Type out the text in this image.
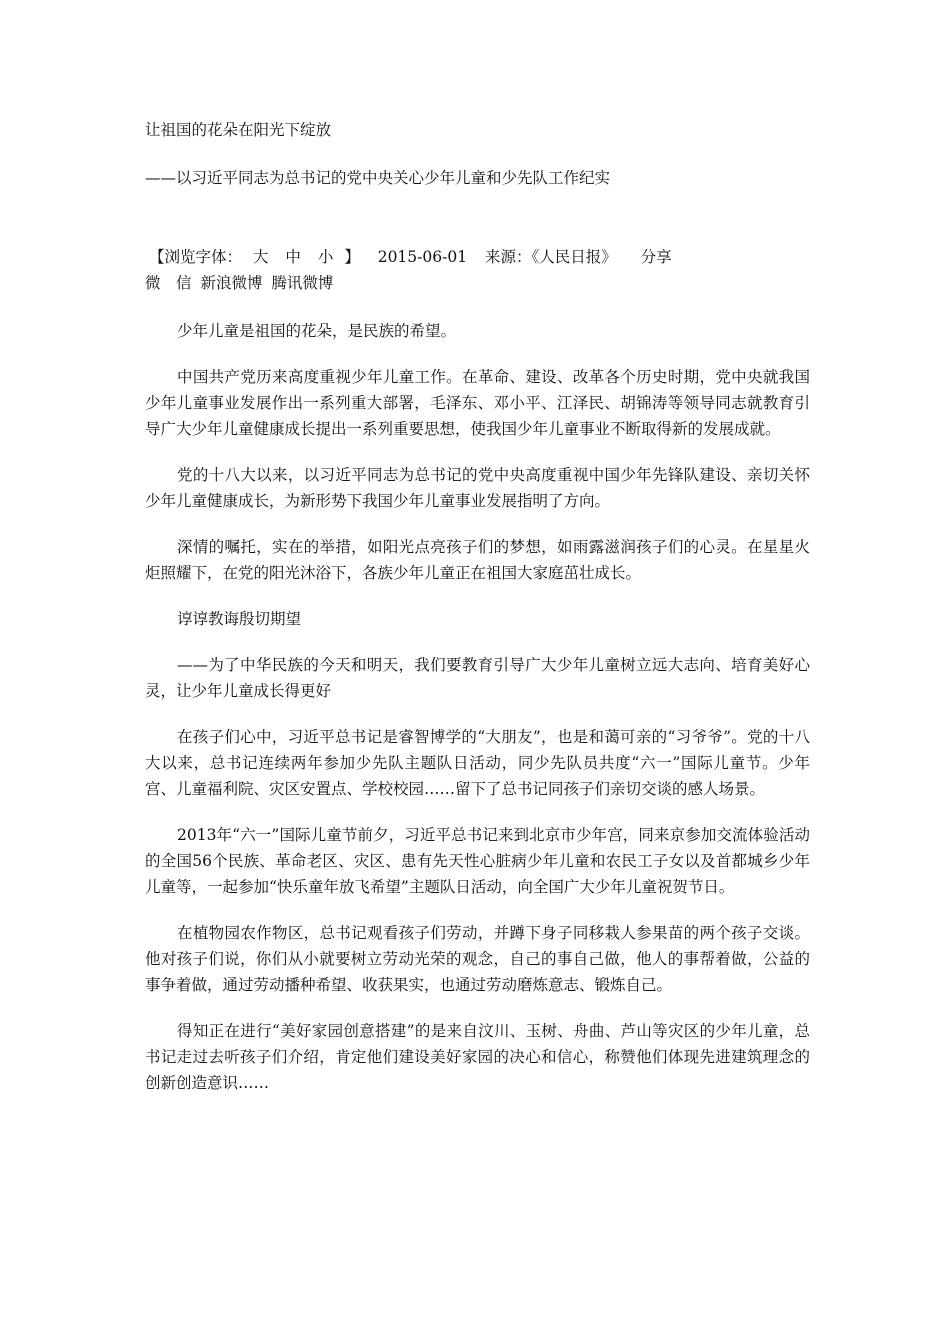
让祖国的花朵在阳光下绽放
——以习近平同志为总书记的党中央关心少年儿童和少先队工作纪实
【浏览字体： 大 中 小 】 2015-06-01 来源：《人民日报》 分享
微　信 新浪微博 腾讯微博

少年儿童是祖国的花朵，是民族的希望。

中国共产党历来高度重视少年儿童工作。在革命、建设、改革各个历史时期，党中央就我国少年儿童事业发展作出一系列重大部署，毛泽东、邓小平、江泽民、胡锦涛等领导同志就教育引导广大少年儿童健康成长提出一系列重要思想，使我国少年儿童事业不断取得新的发展成就。

党的十八大以来，以习近平同志为总书记的党中央高度重视中国少年先锋队建设、亲切关怀少年儿童健康成长，为新形势下我国少年儿童事业发展指明了方向。

深情的嘱托，实在的举措，如阳光点亮孩子们的梦想，如雨露滋润孩子们的心灵。在星星火炬照耀下，在党的阳光沐浴下，各族少年儿童正在祖国大家庭茁壮成长。

谆谆教诲殷切期望

——为了中华民族的今天和明天，我们要教育引导广大少年儿童树立远大志向、培育美好心灵，让少年儿童成长得更好

在孩子们心中，习近平总书记是睿智博学的“大朋友”，也是和蔼可亲的“习爷爷”。党的十八大以来，总书记连续两年参加少先队主题队日活动，同少先队员共度“六一”国际儿童节。少年宫、儿童福利院、灾区安置点、学校校园……留下了总书记同孩子们亲切交谈的感人场景。

2013年“六一”国际儿童节前夕，习近平总书记来到北京市少年宫，同来京参加交流体验活动的全国56个民族、革命老区、灾区、患有先天性心脏病少年儿童和农民工子女以及首都城乡少年儿童等，一起参加“快乐童年放飞希望”主题队日活动，向全国广大少年儿童祝贺节日。

在植物园农作物区，总书记观看孩子们劳动，并蹲下身子同移栽人参果苗的两个孩子交谈。他对孩子们说，你们从小就要树立劳动光荣的观念，自己的事自己做，他人的事帮着做，公益的事争着做，通过劳动播种希望、收获果实，也通过劳动磨炼意志、锻炼自己。

得知正在进行“美好家园创意搭建”的是来自汶川、玉树、舟曲、芦山等灾区的少年儿童，总书记走过去听孩子们介绍，肯定他们建设美好家园的决心和信心，称赞他们体现先进建筑理念的创新创造意识……
